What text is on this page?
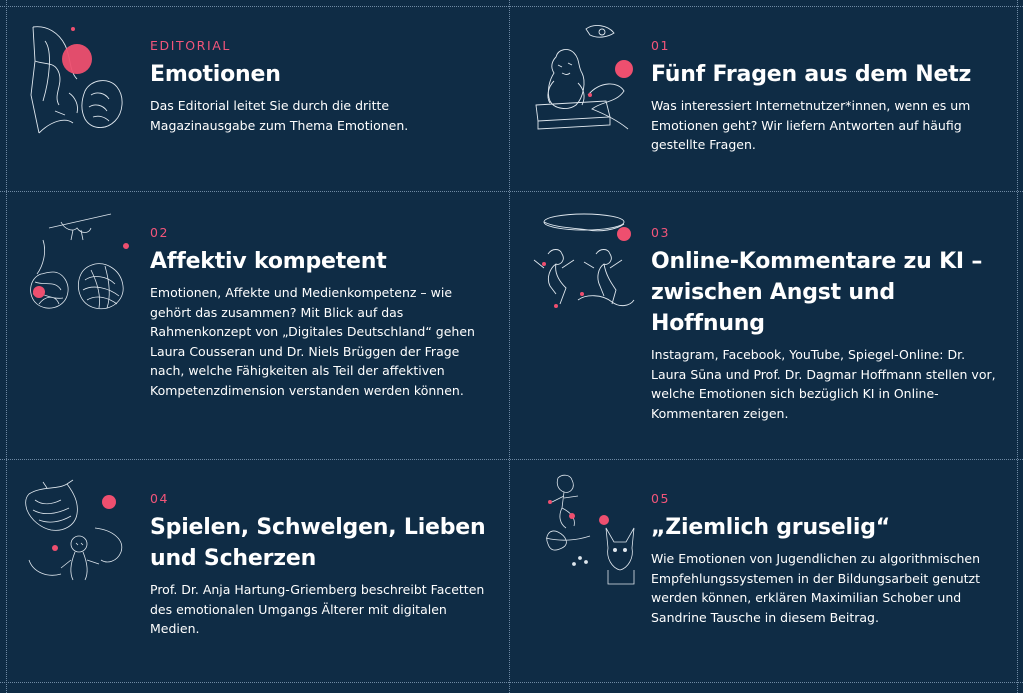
EDITORIAL
Emotionen
Das Editorial leitet Sie durch die dritte Magazinausgabe zum Thema Emotionen.
01
Fünf Fragen aus dem Netz
Was interessiert Internetnutzer*innen, wenn es um Emotionen geht? Wir liefern Antworten auf häufig gestellte Fragen.
02
Affektiv kompetent
Emotionen, Affekte und Medienkompetenz – wie gehört das zusammen? Mit Blick auf das Rahmenkonzept von „Digitales Deutschland“ gehen Laura Cousseran und Dr. Niels Brüggen der Frage nach, welche Fähigkeiten als Teil der affektiven Kompetenzdimension verstanden werden können.
03
Online-Kommentare zu KI – zwischen Angst und Hoffnung
Instagram, Facebook, YouTube, Spiegel-Online: Dr. Laura Sūna und Prof. Dr. Dagmar Hoffmann stellen vor, welche Emotionen sich bezüglich KI in Online-Kommentaren zeigen.
04
Spielen, Schwelgen, Lieben und Scherzen
Prof. Dr. Anja Hartung-Griemberg beschreibt Facetten des emotionalen Umgangs Älterer mit digitalen Medien.
05
„Ziemlich gruselig“
Wie Emotionen von Jugendlichen zu algorithmischen Empfehlungssystemen in der Bildungsarbeit genutzt werden können, erklären Maximilian Schober und Sandrine Tausche in diesem Beitrag.
